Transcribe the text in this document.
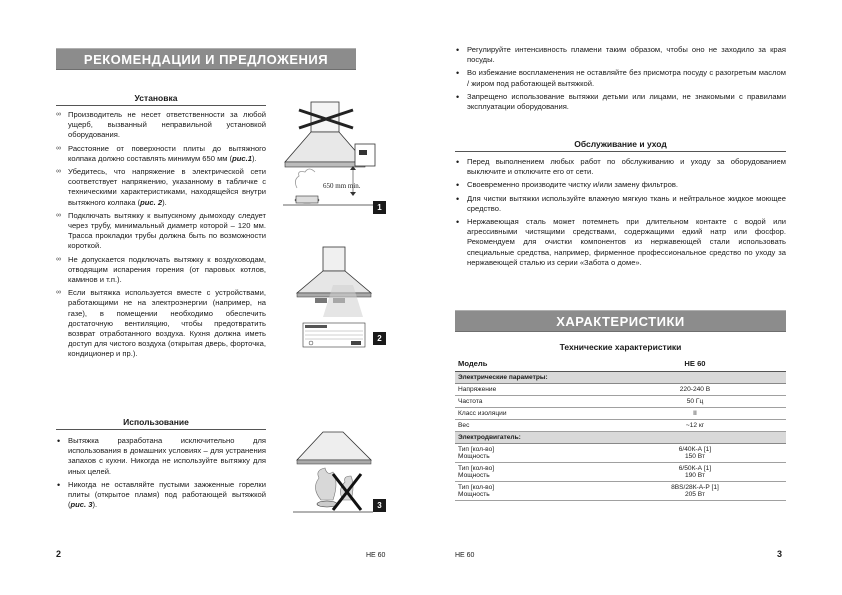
РЕКОМЕНДАЦИИ И ПРЕДЛОЖЕНИЯ
Установка
∞ Производитель не несет ответственности за любой ущерб, вызванный неправильной установкой оборудования.
∞ Расстояние от поверхности плиты до вытяжного колпака должно составлять минимум 650 мм (рис.1).
∞ Убедитесь, что напряжение в электрической сети соответствует напряжению, указанному в табличке с техническими характеристиками, находящейся внутри вытяжного колпака (рис. 2).
∞ Подключать вытяжку к выпускному дымоходу следует через трубу, минимальный диаметр которой – 120 мм. Трасса прокладки трубы должна быть по возможности короткой.
∞ Не допускается подключать вытяжку к воздуховодам, отводящим испарения горения (от паровых котлов, каминов и т.п.).
∞ Если вытяжка используется вместе с устройствами, работающими не на электроэнергии (например, на газе), в помещении необходимо обеспечить достаточную вентиляцию, чтобы предотвратить возврат отработанного воздуха. Кухня должна иметь доступ для чистого воздуха (открытая дверь, форточка, кондиционер и пр.).
Использование
• Вытяжка разработана исключительно для использования в домашних условиях – для устранения запахов с кухни. Никогда не используйте вытяжку для иных целей.
• Никогда не оставляйте пустыми зажженные горелки плиты (открытое пламя) под работающей вытяжкой (рис. 3).
650 mm min.
1
2
3
2	HE 60
• Регулируйте интенсивность пламени таким образом, чтобы оно не заходило за края посуды.
• Во избежание воспламенения не оставляйте без присмотра посуду с разогретым маслом / жиром под работающей вытяжкой.
• Запрещено использование вытяжки детьми или лицами, не знакомыми с правилами эксплуатации оборудования.
Обслуживание и уход
• Перед выполнением любых работ по обслуживанию и уходу за оборудованием выключите и отключите его от сети.
• Своевременно производите чистку и/или замену фильтров.
• Для чистки вытяжки используйте влажную мягкую ткань и нейтральное жидкое моющее средство.
• Нержавеющая сталь может потемнеть при длительном контакте с водой или агрессивными чистящими средствами, содержащими едкий натр или фосфор. Рекомендуем для очистки компонентов из нержавеющей стали использовать специальные средства, например, фирменное профессиональное средство по уходу за нержавеющей сталью из серии «Забота о доме».
ХАРАКТЕРИСТИКИ
Технические характеристики
Модель	HE 60
Электрические параметры:	
Напряжение	220-240 В
Частота	50 Гц
Класс изоляции	II
Вес	~12 кг
Электродвигатель:	

Тип [кол-во]
Мощность	6/40К-А [1]
150 Вт

Тип [кол-во]
Мощность	6/50К-А [1]
190 Вт

Тип [кол-во]
Мощность	8BS/28К-А-Р [1]
205 Вт
HE 60	3
